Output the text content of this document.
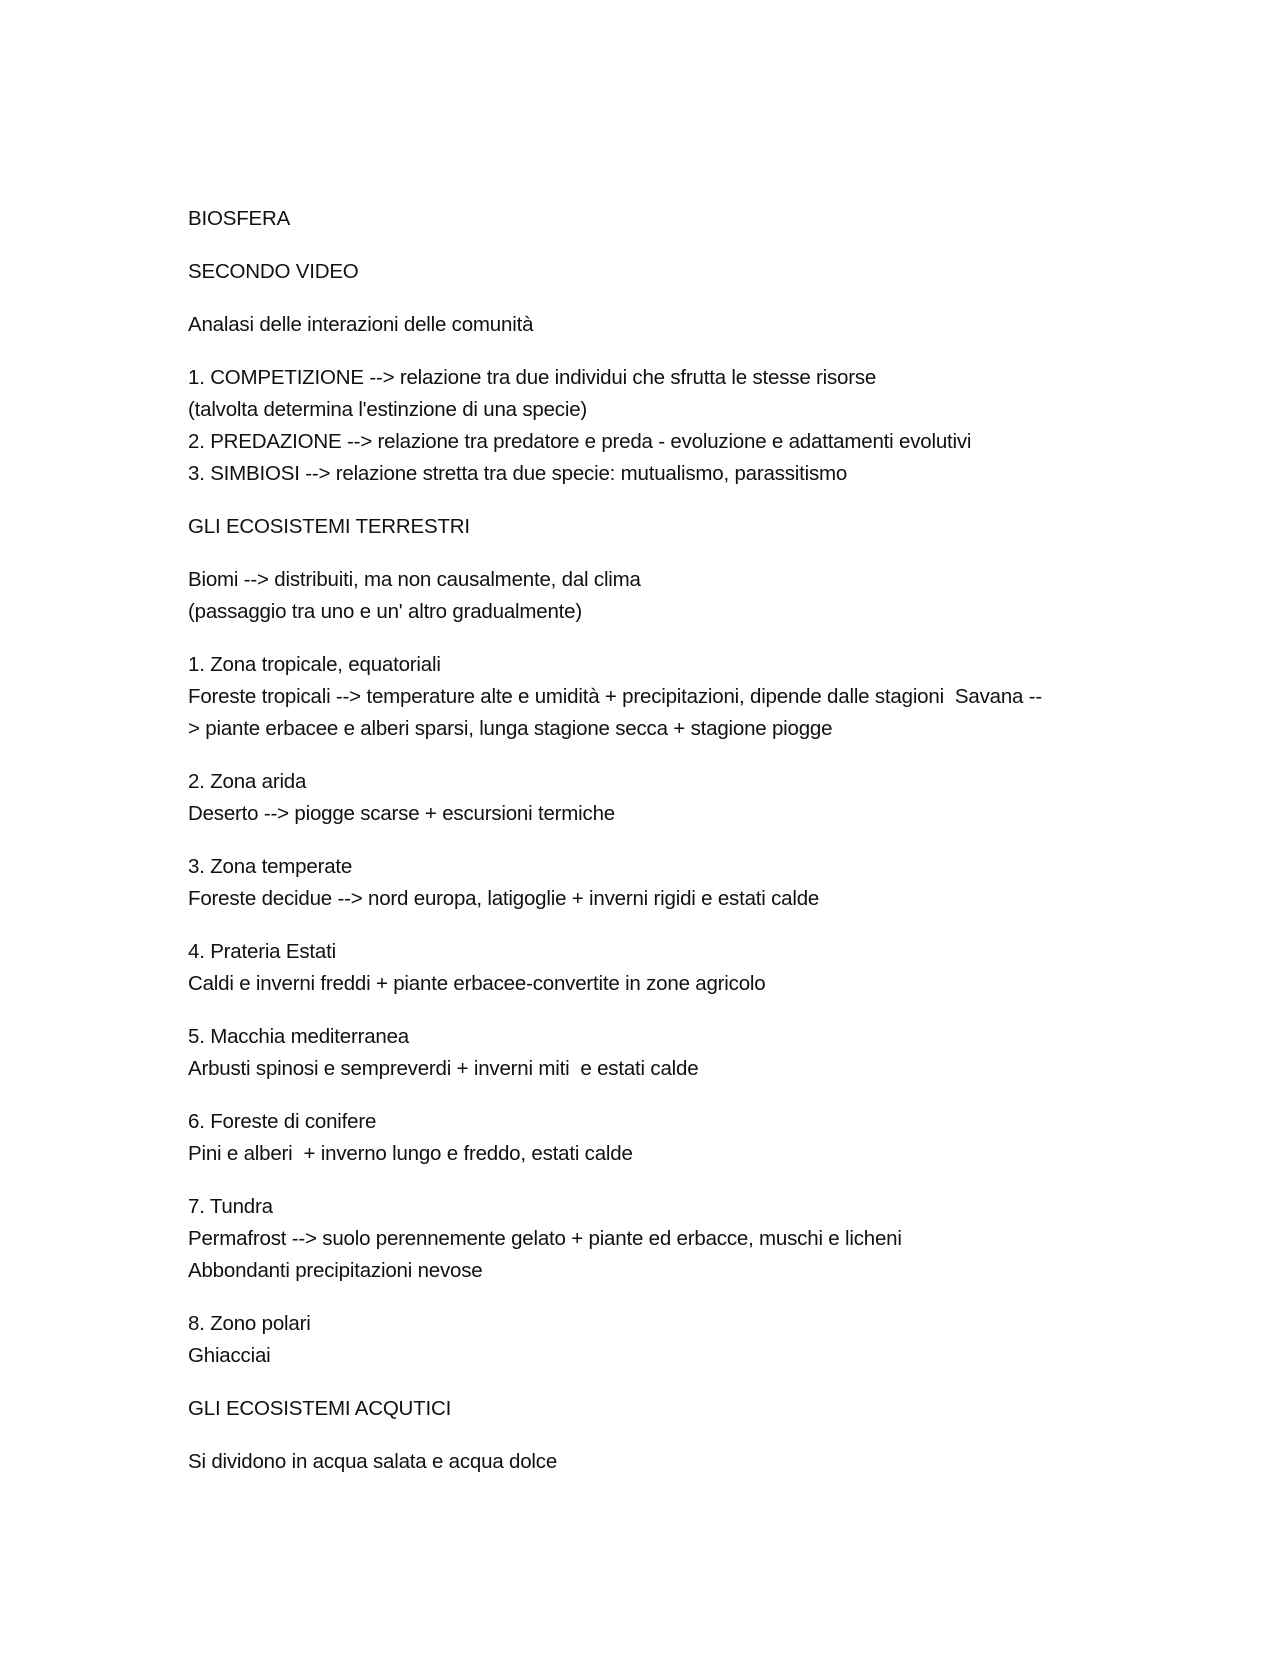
BIOSFERA
SECONDO VIDEO
Analasi delle interazioni delle comunità
1. COMPETIZIONE --> relazione tra due individui che sfrutta le stesse risorse
(talvolta determina l'estinzione di una specie)
2. PREDAZIONE --> relazione tra predatore e preda - evoluzione e adattamenti evolutivi
3. SIMBIOSI --> relazione stretta tra due specie: mutualismo, parassitismo
GLI ECOSISTEMI TERRESTRI
Biomi --> distribuiti, ma non causalmente, dal clima
(passaggio tra uno e un' altro gradualmente)
1. Zona tropicale, equatoriali
Foreste tropicali --> temperature alte e umidità + precipitazioni, dipende dalle stagioni  Savana --
> piante erbacee e alberi sparsi, lunga stagione secca + stagione piogge
2. Zona arida
Deserto --> piogge scarse + escursioni termiche
3. Zona temperate
Foreste decidue --> nord europa, latigoglie + inverni rigidi e estati calde
4. Prateria Estati
Caldi e inverni freddi + piante erbacee-convertite in zone agricolo
5. Macchia mediterranea
Arbusti spinosi e sempreverdi + inverni miti  e estati calde
6. Foreste di conifere
Pini e alberi  + inverno lungo e freddo, estati calde
7. Tundra
Permafrost --> suolo perennemente gelato + piante ed erbacce, muschi e licheni
Abbondanti precipitazioni nevose
8. Zono polari
Ghiacciai
GLI ECOSISTEMI ACQUTICI
Si dividono in acqua salata e acqua dolce
